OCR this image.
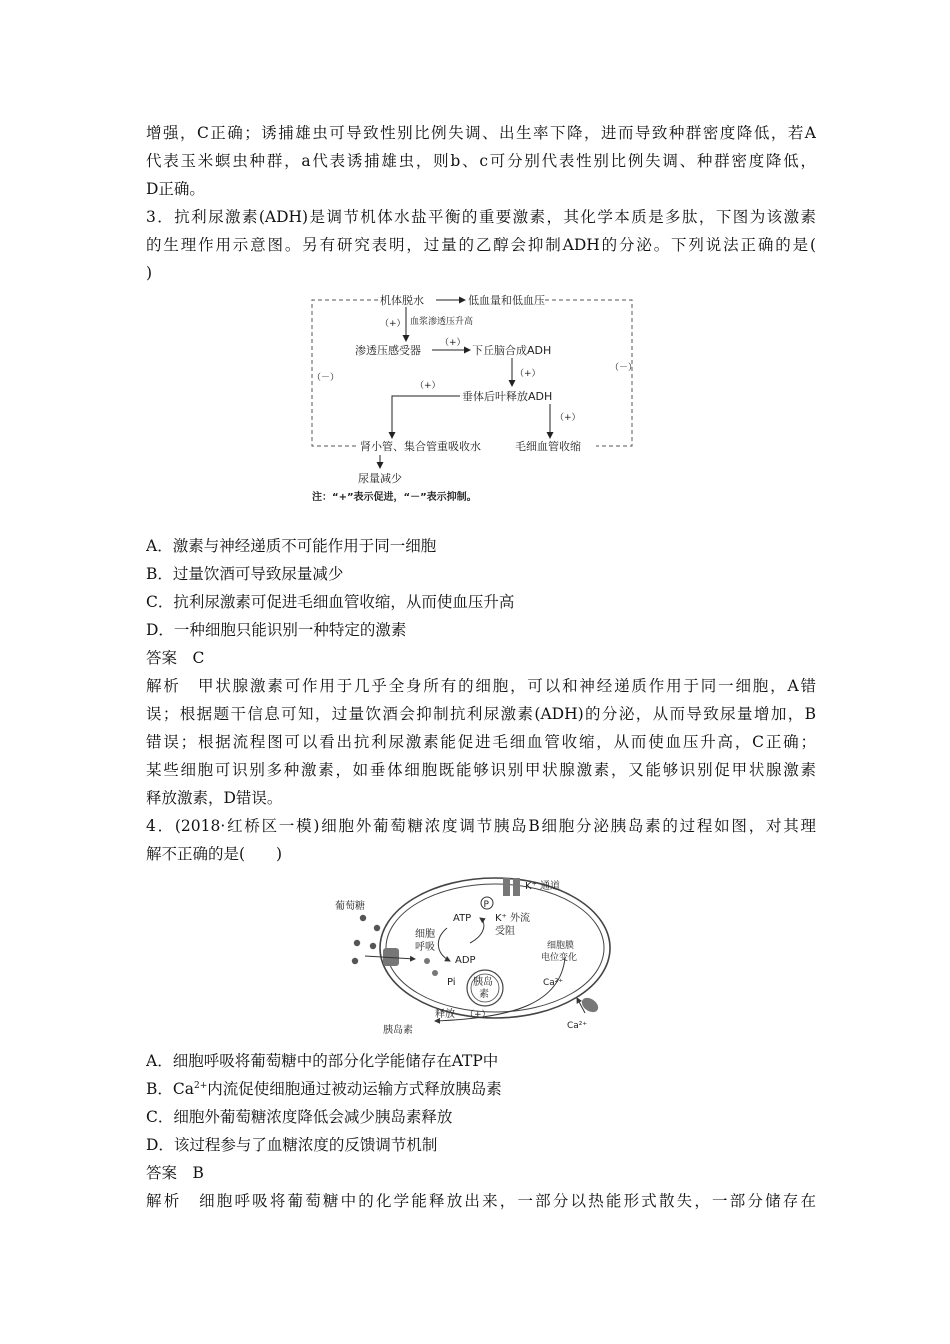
增强，C正确；诱捕雄虫可导致性别比例失调、出生率下降，进而导致种群密度降低，若A
代表玉米螟虫种群，a代表诱捕雄虫，则b、c可分别代表性别比例失调、种群密度降低，
D正确。
3．抗利尿激素(ADH)是调节机体水盐平衡的重要激素，其化学本质是多肽，下图为该激素
的生理作用示意图。另有研究表明，过量的乙醇会抑制ADH的分泌。下列说法正确的是(
)
机体脱水	低血量和低血压
（+） 血浆渗透压升高
渗透压感受器
（+）
下丘脑合成ADH
（+）
（+）
垂体后叶释放ADH
（+）
（－）
（－）
肾小管、集合管重吸收水	毛细血管收缩
尿量减少
注：“+”表示促进，“－”表示抑制。
A．激素与神经递质不可能作用于同一细胞
B．过量饮酒可导致尿量减少
C．抗利尿激素可促进毛细血管收缩，从而使血压升高
D．一种细胞只能识别一种特定的激素
答案　C
解析　甲状腺激素可作用于几乎全身所有的细胞，可以和神经递质作用于同一细胞，A错
误；根据题干信息可知，过量饮酒会抑制抗利尿激素(ADH)的分泌，从而导致尿量增加，B
错误；根据流程图可以看出抗利尿激素能促进毛细血管收缩，从而使血压升高，C正确；
某些细胞可识别多种激素，如垂体细胞既能够识别甲状腺激素，又能够识别促甲状腺激素
释放激素，D错误。
4．(2018·红桥区一模)细胞外葡萄糖浓度调节胰岛B细胞分泌胰岛素的过程如图，对其理
解不正确的是(　　)
P
葡萄糖
K⁺ 通道
ATP
细胞
呼吸
ADP
Pi
K⁺ 外流
受阻
细胞膜
电位变化
Ca²⁺
Ca²⁺
胰岛
素
释放 （+）
胰岛素
A．细胞呼吸将葡萄糖中的部分化学能储存在ATP中
B．$Ca^{2+}$内流促使细胞通过被动运输方式释放胰岛素
C．细胞外葡萄糖浓度降低会减少胰岛素释放
D．该过程参与了血糖浓度的反馈调节机制
答案　B
解析　细胞呼吸将葡萄糖中的化学能释放出来，一部分以热能形式散失，一部分储存在
